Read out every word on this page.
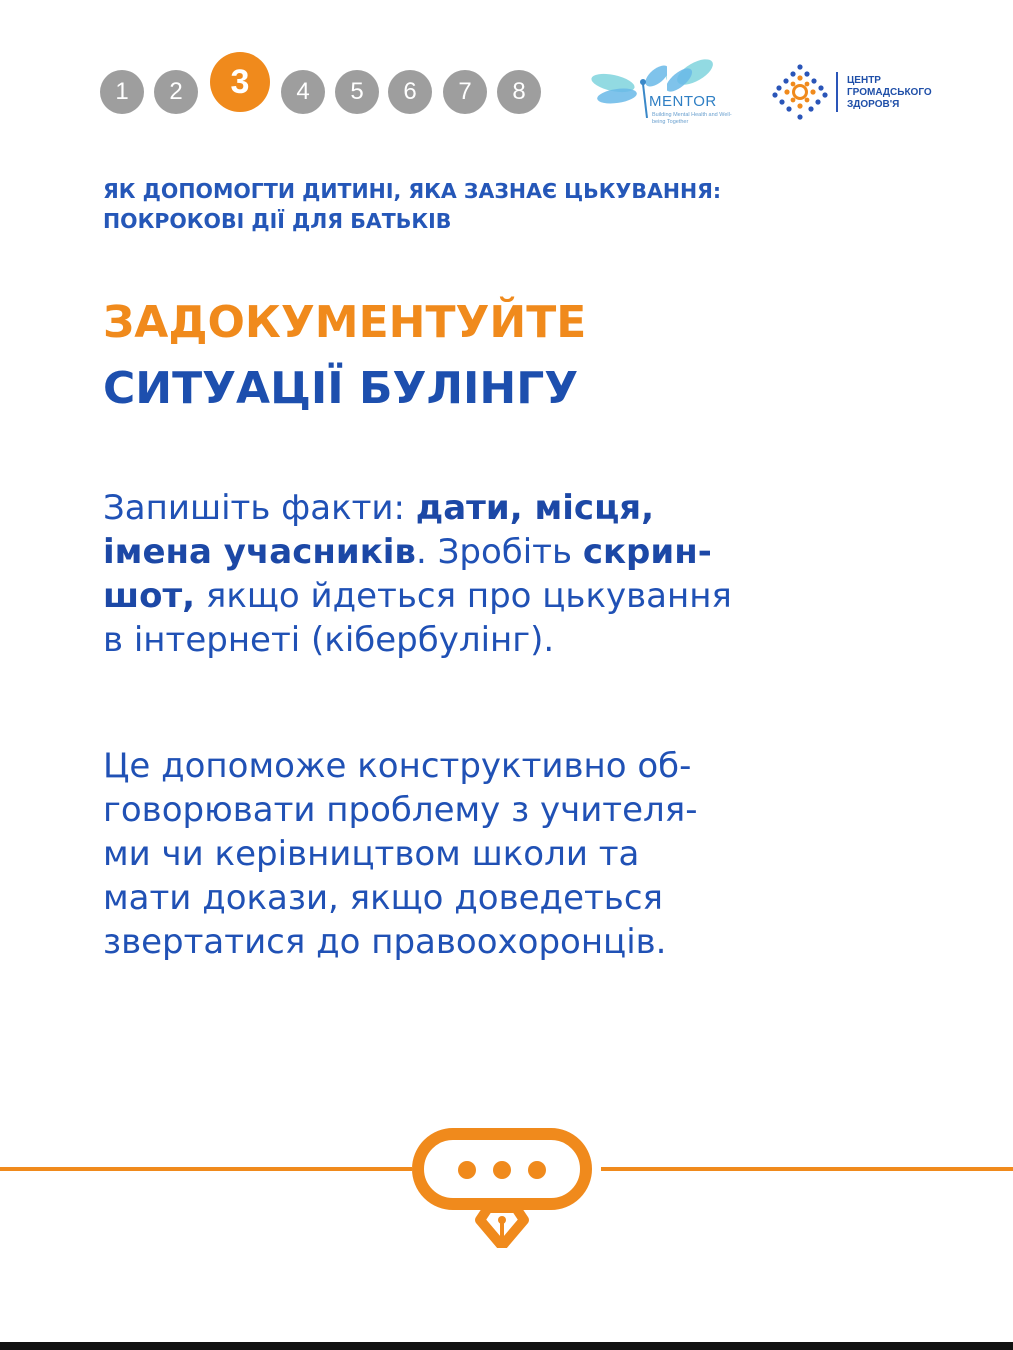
1	2	3	4	5	6	7	8	MENTOR
Building Mental Health and Well-being Together
ЦЕНТР
ГРОМАДСЬКОГО
ЗДОРОВ'Я
ЯК ДОПОМОГТИ ДИТИНІ, ЯКА ЗАЗНАЄ ЦЬКУВАННЯ:
ПОКРОКОВІ ДІЇ ДЛЯ БАТЬКІВ
ЗАДОКУМЕНТУЙТЕ
СИТУАЦІЇ БУЛІНГУ
Запишіть факти: дати, місця,
імена учасників. Зробіть скрин-
шот, якщо йдеться про цькування
в інтернеті (кібербулінг).
Це допоможе конструктивно об-
говорювати проблему з учителя-
ми чи керівництвом школи та
мати докази, якщо доведеться
звертатися до правоохоронців.
